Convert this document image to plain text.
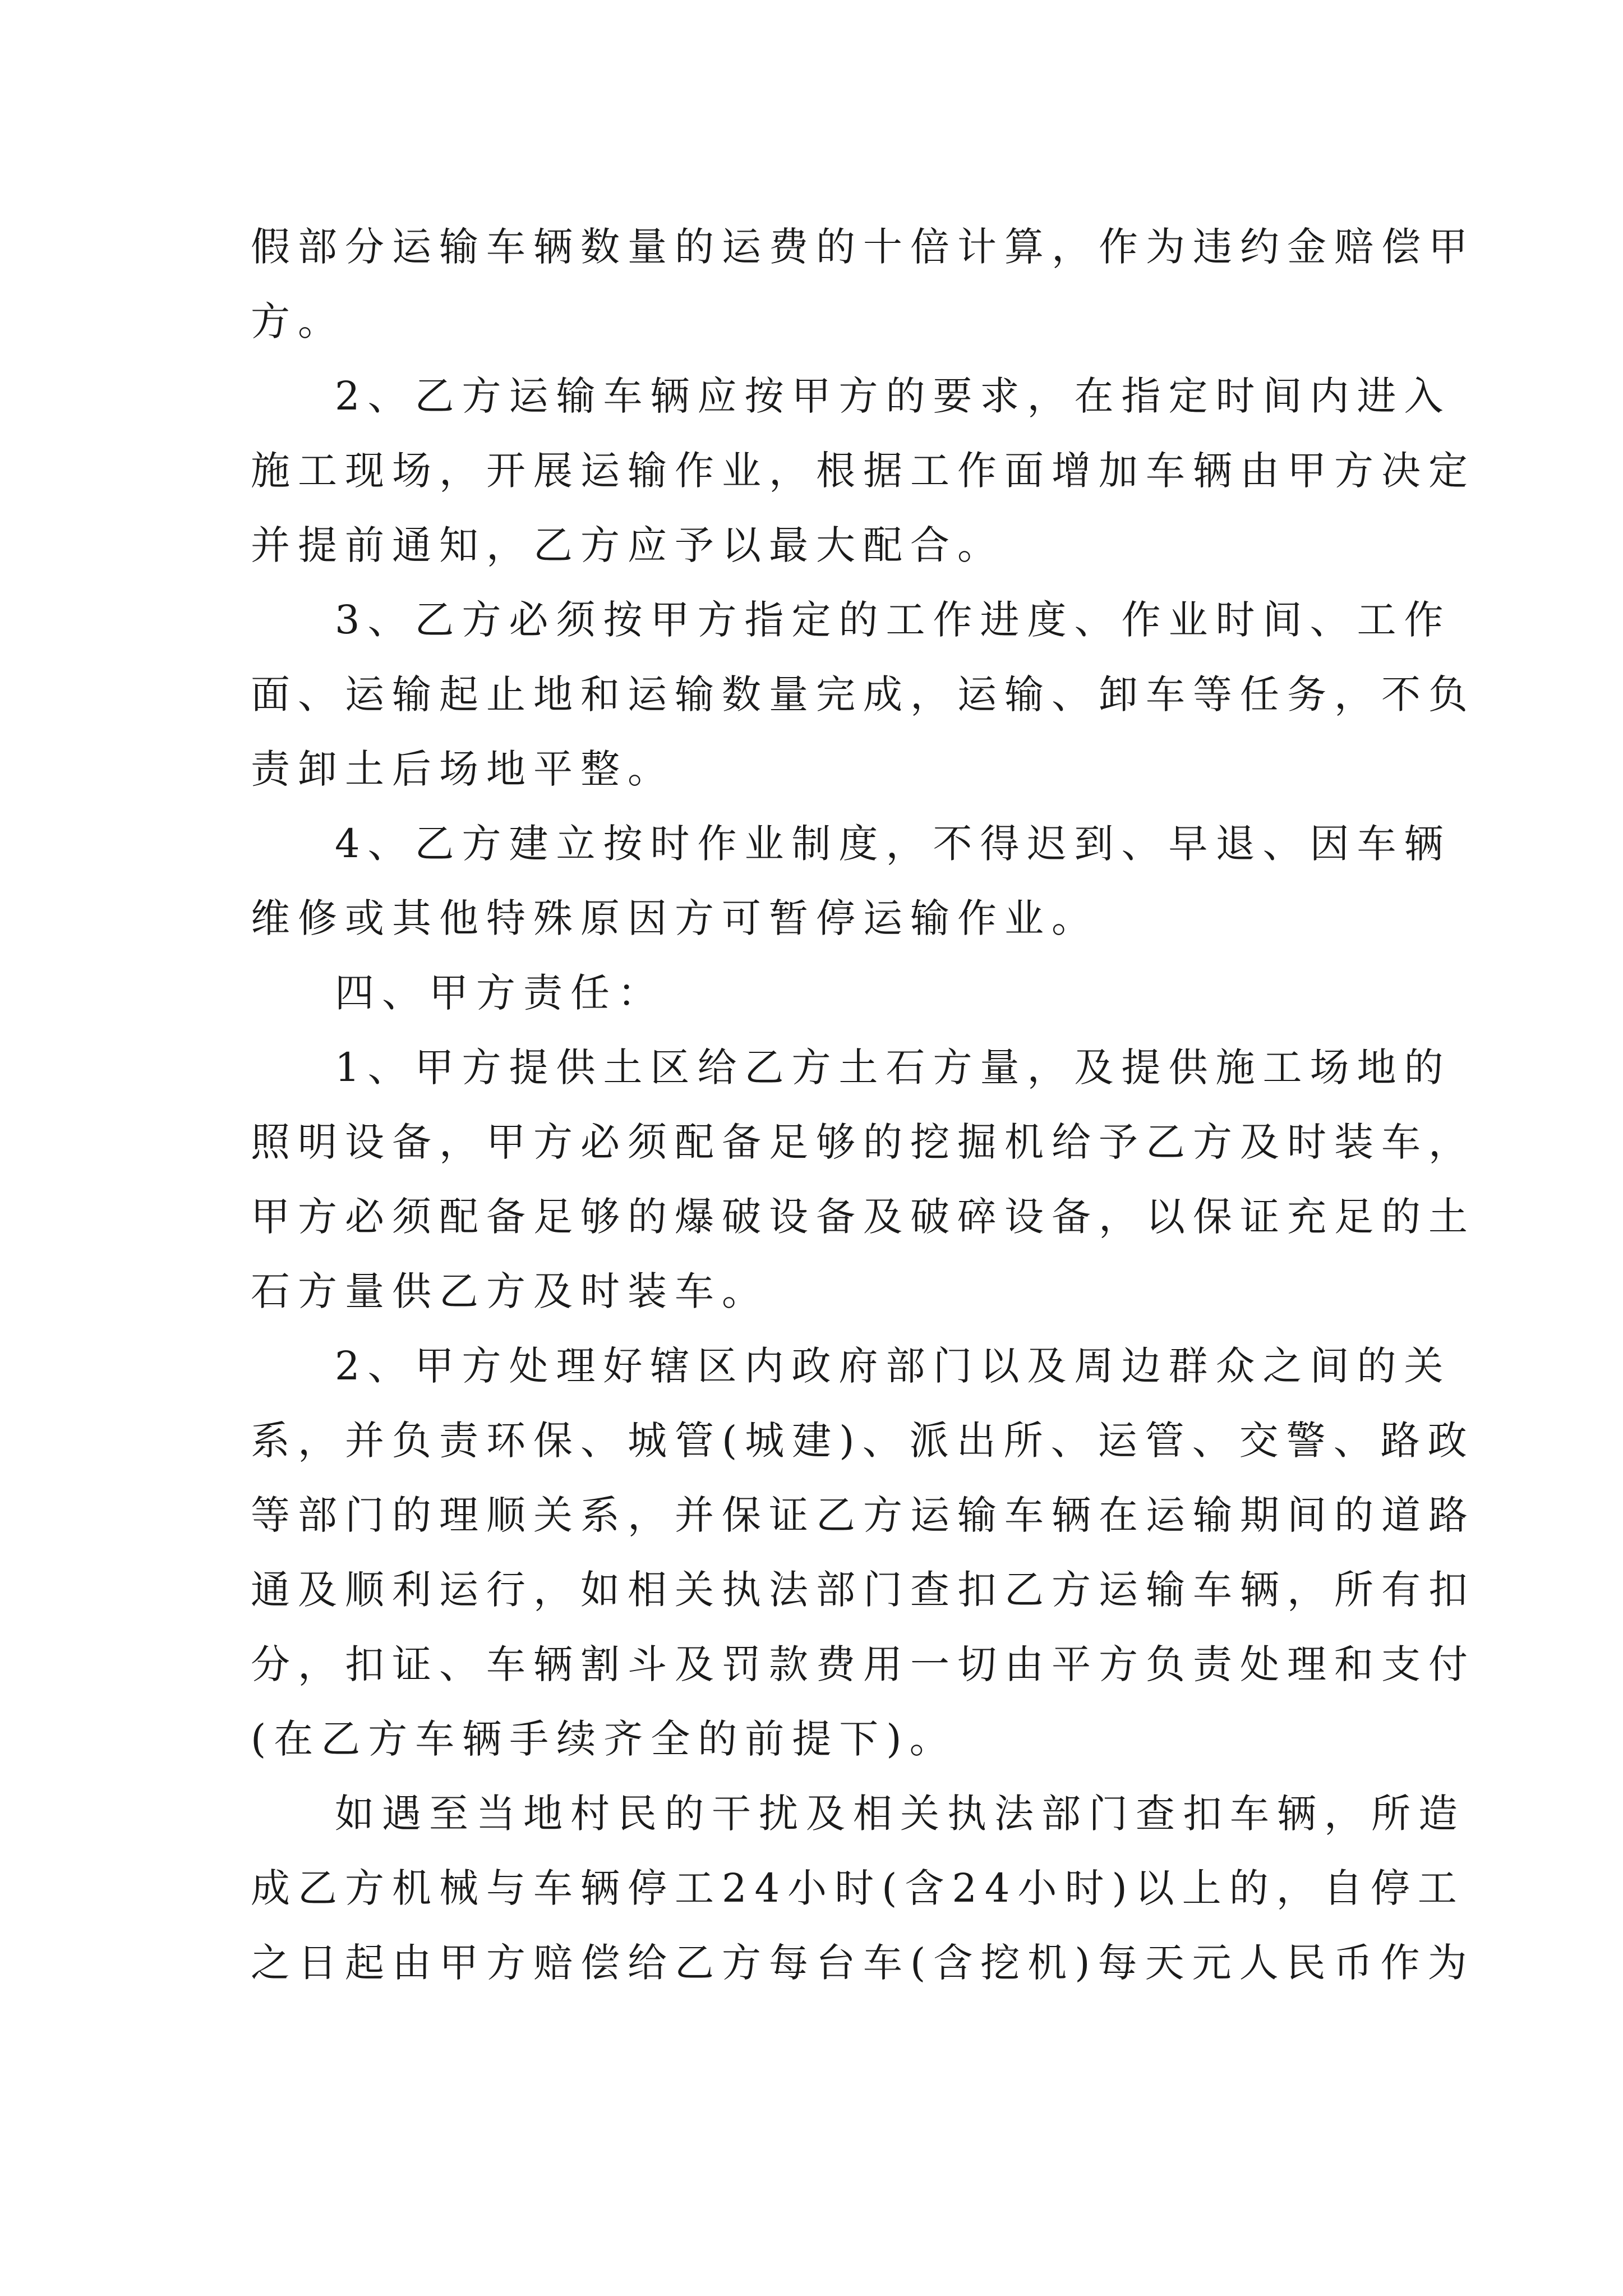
假部分运输车辆数量的运费的十倍计算，作为违约金赔偿甲
方。
2、乙方运输车辆应按甲方的要求，在指定时间内进入
施工现场，开展运输作业，根据工作面增加车辆由甲方决定
并提前通知，乙方应予以最大配合。
3、乙方必须按甲方指定的工作进度、作业时间、工作
面、运输起止地和运输数量完成，运输、卸车等任务，不负
责卸土后场地平整。
4、乙方建立按时作业制度，不得迟到、早退、因车辆
维修或其他特殊原因方可暂停运输作业。
四、甲方责任：
1、甲方提供土区给乙方土石方量，及提供施工场地的
照明设备，甲方必须配备足够的挖掘机给予乙方及时装车，
甲方必须配备足够的爆破设备及破碎设备，以保证充足的土
石方量供乙方及时装车。
2、甲方处理好辖区内政府部门以及周边群众之间的关
系，并负责环保、城管(城建)、派出所、运管、交警、路政
等部门的理顺关系，并保证乙方运输车辆在运输期间的道路
通及顺利运行，如相关执法部门查扣乙方运输车辆，所有扣
分，扣证、车辆割斗及罚款费用一切由平方负责处理和支付
(在乙方车辆手续齐全的前提下)。
如遇至当地村民的干扰及相关执法部门查扣车辆，所造
成乙方机械与车辆停工24小时(含24小时)以上的，自停工
之日起由甲方赔偿给乙方每台车(含挖机)每天元人民币作为
